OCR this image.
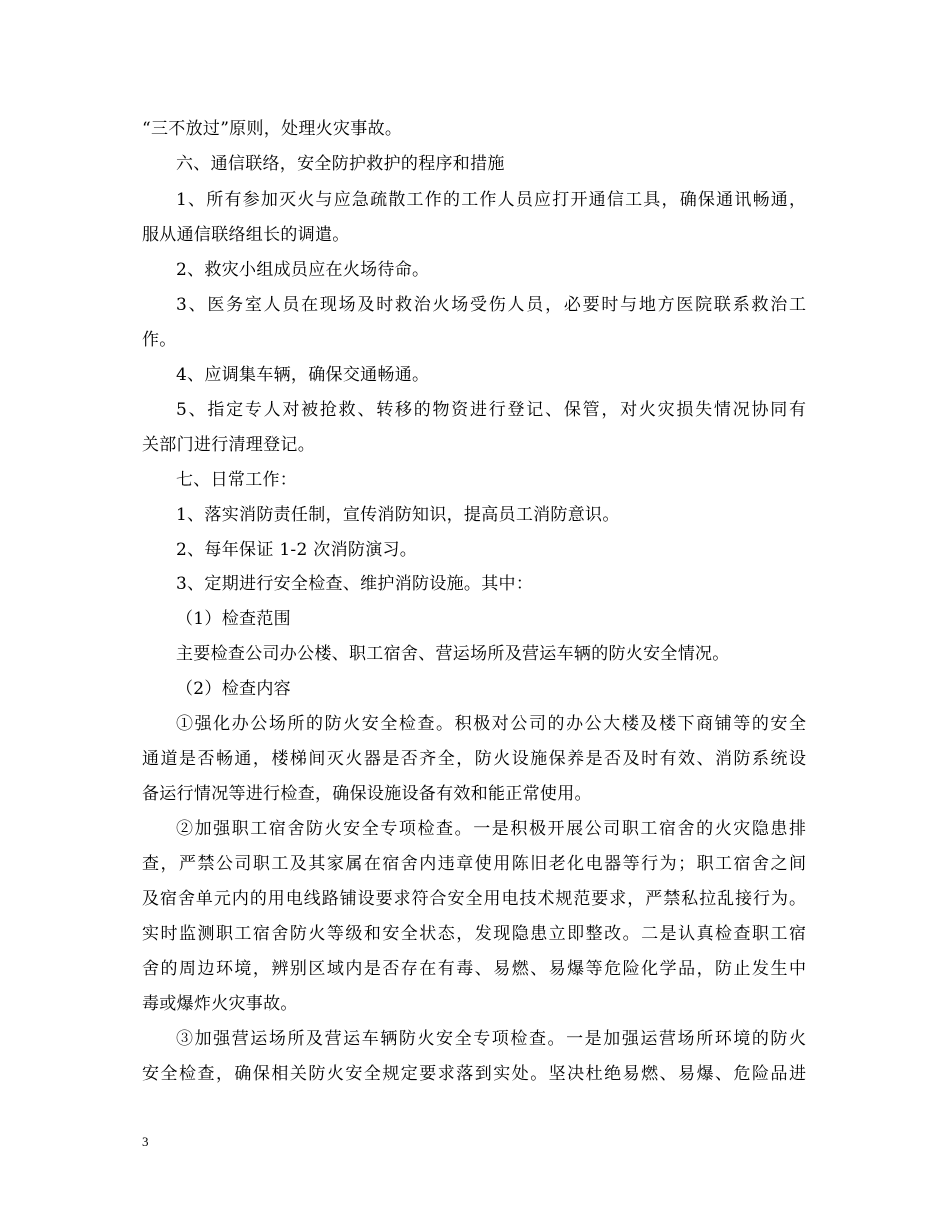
“三不放过”原则，处理火灾事故。
六、通信联络，安全防护救护的程序和措施
1、所有参加灭火与应急疏散工作的工作人员应打开通信工具，确保通讯畅通，
服从通信联络组长的调遣。
2、救灾小组成员应在火场待命。
3、医务室人员在现场及时救治火场受伤人员，必要时与地方医院联系救治工
作。
4、应调集车辆，确保交通畅通。
5、指定专人对被抢救、转移的物资进行登记、保管，对火灾损失情况协同有
关部门进行清理登记。
七、日常工作：
1、落实消防责任制，宣传消防知识，提高员工消防意识。
2、每年保证 1-2 次消防演习。
3、定期进行安全检查、维护消防设施。其中：
（1）检查范围
主要检查公司办公楼、职工宿舍、营运场所及营运车辆的防火安全情况。
（2）检查内容
①强化办公场所的防火安全检查。积极对公司的办公大楼及楼下商铺等的安全
通道是否畅通，楼梯间灭火器是否齐全，防火设施保养是否及时有效、消防系统设
备运行情况等进行检查，确保设施设备有效和能正常使用。
②加强职工宿舍防火安全专项检查。一是积极开展公司职工宿舍的火灾隐患排
查，严禁公司职工及其家属在宿舍内违章使用陈旧老化电器等行为；职工宿舍之间
及宿舍单元内的用电线路铺设要求符合安全用电技术规范要求，严禁私拉乱接行为。
实时监测职工宿舍防火等级和安全状态，发现隐患立即整改。二是认真检查职工宿
舍的周边环境，辨别区域内是否存在有毒、易燃、易爆等危险化学品，防止发生中
毒或爆炸火灾事故。
③加强营运场所及营运车辆防火安全专项检查。一是加强运营场所环境的防火
安全检查，确保相关防火安全规定要求落到实处。坚决杜绝易燃、易爆、危险品进
3
